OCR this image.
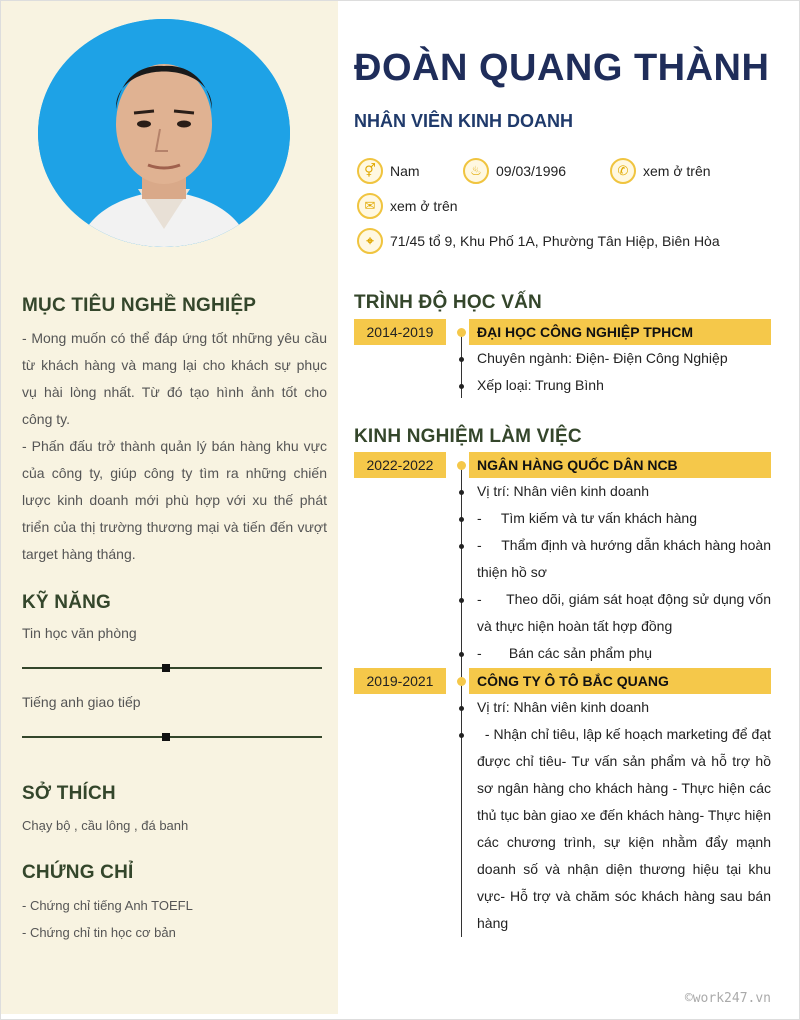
MỤC TIÊU NGHỀ NGHIỆP

- Mong muốn có thể đáp ứng tốt những yêu cầu từ khách hàng và mang lại cho khách sự phục vụ hài lòng nhất. Từ đó tạo hình ảnh tốt cho công ty.

- Phấn đấu trở thành quản lý bán hàng khu vực của công ty, giúp công ty tìm ra những chiến lược kinh doanh mới phù hợp với xu thế phát triển của thị trường thương mại và tiến đến vượt target hàng tháng.

KỸ NĂNG
Tin học văn phòng
Tiếng anh giao tiếp
SỞ THÍCH
Chạy bộ , cầu lông , đá banh
CHỨNG CHỈ
- Chứng chỉ tiếng Anh TOEFL
- Chứng chỉ tin học cơ bản
ĐOÀN QUANG THÀNH
NHÂN VIÊN KINH DOANH
⚥	Nam	♨	09/03/1996	✆	xem ở trên
✉	xem ở trên
⌖	71/45 tổ 9, Khu Phố 1A, Phường Tân Hiệp, Biên Hòa
TRÌNH ĐỘ HỌC VẤN
2014-2019	ĐẠI HỌC CÔNG NGHIỆP TPHCM
Chuyên ngành: Điện- Điện Công Nghiệp
Xếp loại: Trung Bình
KINH NGHIỆM LÀM VIỆC
2022-2022	NGÂN HÀNG QUỐC DÂN NCB
Vị trí: Nhân viên kinh doanh
-     Tìm kiếm và tư vấn khách hàng
-     Thẩm định và hướng dẫn khách hàng hoàn thiện hồ sơ
-      Theo dõi, giám sát hoạt động sử dụng vốn và thực hiện hoàn tất hợp đồng
-       Bán các sản phẩm phụ
2019-2021	CÔNG TY Ô TÔ BẮC QUANG
Vị trí: Nhân viên kinh doanh
- Nhận chỉ tiêu, lập kế hoạch marketing để đạt được chỉ tiêu- Tư vấn sản phẩm và hỗ trợ hồ sơ ngân hàng cho khách hàng - Thực hiện các thủ tục bàn giao xe đến khách hàng- Thực hiện các chương trình, sự kiện nhằm đẩy mạnh doanh số và nhận diện thương hiệu tại khu vực- Hỗ trợ và chăm sóc khách hàng sau bán hàng
©work247.vn
